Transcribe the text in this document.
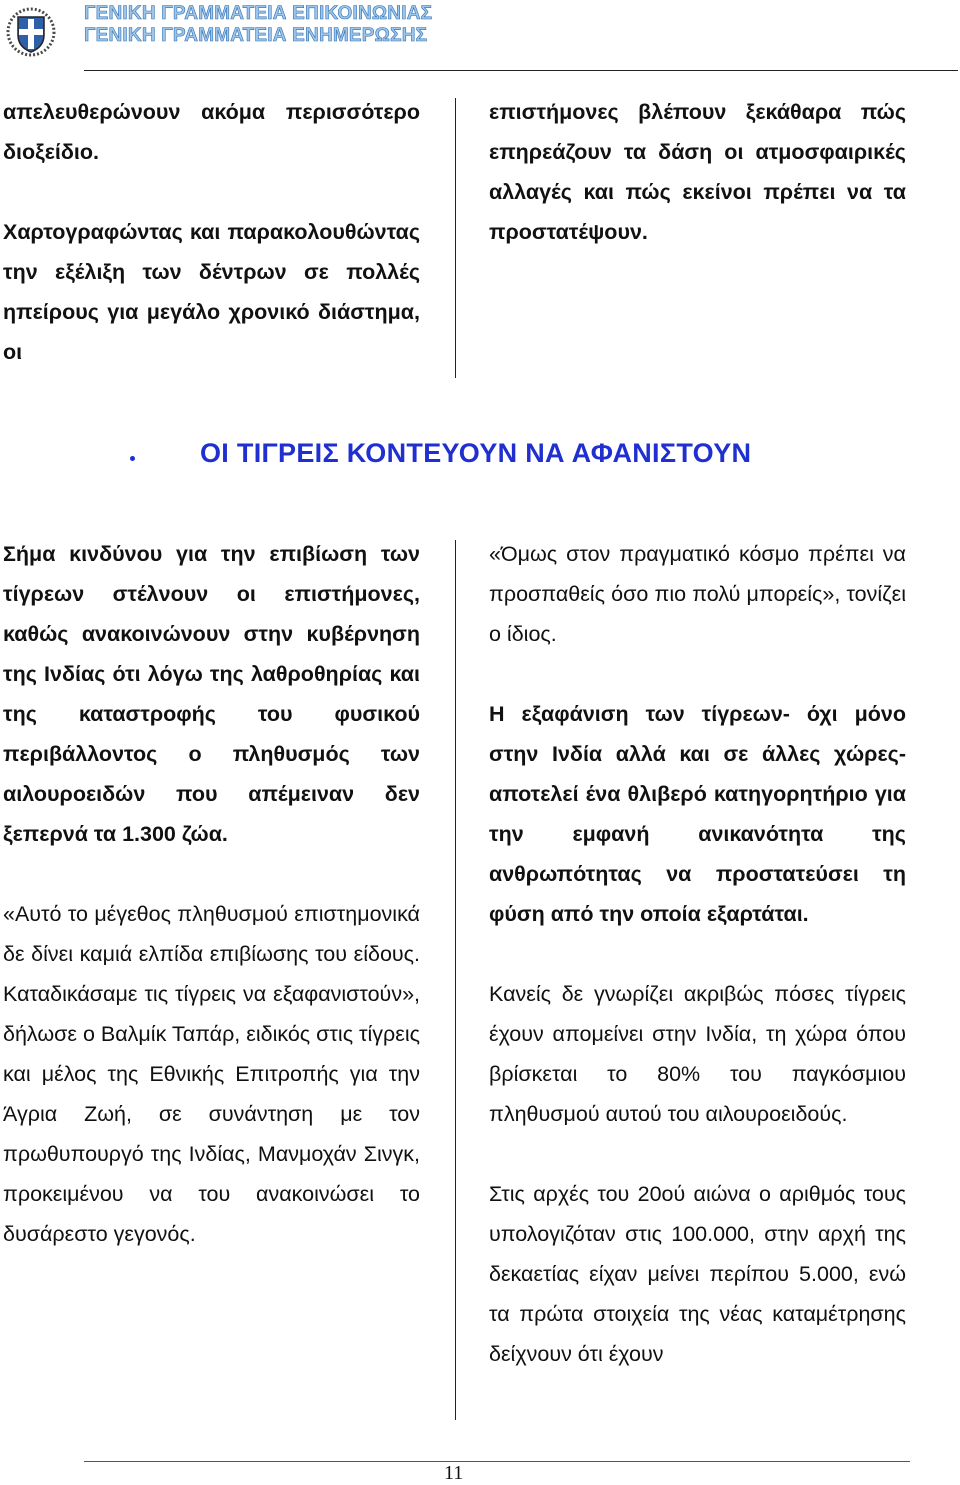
ΓΕΝΙΚΗ ΓΡΑΜΜΑΤΕΙΑ ΕΠΙΚΟΙΝΩΝΙΑΣ
ΓΕΝΙΚΗ ΓΡΑΜΜΑΤΕΙΑ ΕΝΗΜΕΡΩΣΗΣ

απελευθερώνουν ακόμα περισσότερο διοξείδιο.

Χαρτογραφώντας και παρακολουθώντας την εξέλιξη των δέντρων σε πολλές ηπείρους για μεγάλο χρονικό διάστημα, οι

επιστήμονες βλέπουν ξεκάθαρα πώς επηρεάζουν τα δάση οι ατμοσφαιρικές αλλαγές και πώς εκείνοι πρέπει να τα προστατέψουν.

ΟΙ ΤΙΓΡΕΙΣ ΚΟΝΤΕΥΟΥΝ ΝΑ ΑΦΑΝΙΣΤΟΥΝ

Σήμα κινδύνου για την επιβίωση των τίγρεων στέλνουν οι επιστήμονες, καθώς ανακοινώνουν στην κυβέρνηση της Ινδίας ότι λόγω της λαθροθηρίας και της καταστροφής του φυσικού περιβάλλοντος ο πληθυσμός των αιλουροειδών που απέμειναν δεν ξεπερνά τα 1.300 ζώα.

«Αυτό το μέγεθος πληθυσμού επιστημονικά δε δίνει καμιά ελπίδα επιβίωσης του είδους. Καταδικάσαμε τις τίγρεις να εξαφανιστούν», δήλωσε ο Βαλμίκ Ταπάρ, ειδικός στις τίγρεις και μέλος της Εθνικής Επιτροπής για την Άγρια Ζωή, σε συνάντηση με τον πρωθυπουργό της Ινδίας, Μανμοχάν Σινγκ, προκειμένου να του ανακοινώσει το δυσάρεστο γεγονός.

«Όμως στον πραγματικό κόσμο πρέπει να προσπαθείς όσο πιο πολύ μπορείς», τονίζει ο ίδιος.

Η εξαφάνιση των τίγρεων- όχι μόνο στην Ινδία αλλά και σε άλλες χώρες- αποτελεί ένα θλιβερό κατηγορητήριο για την εμφανή ανικανότητα της ανθρωπότητας να προστατεύσει τη φύση από την οποία εξαρτάται.

Κανείς δε γνωρίζει ακριβώς πόσες τίγρεις έχουν απομείνει στην Ινδία, τη χώρα όπου βρίσκεται το 80% του παγκόσμιου πληθυσμού αυτού του αιλουροειδούς.

Στις αρχές του 20ού αιώνα ο αριθμός τους υπολογιζόταν στις 100.000, στην αρχή της δεκαετίας είχαν μείνει περίπου 5.000, ενώ τα πρώτα στοιχεία της νέας καταμέτρησης δείχνουν ότι έχουν

11
